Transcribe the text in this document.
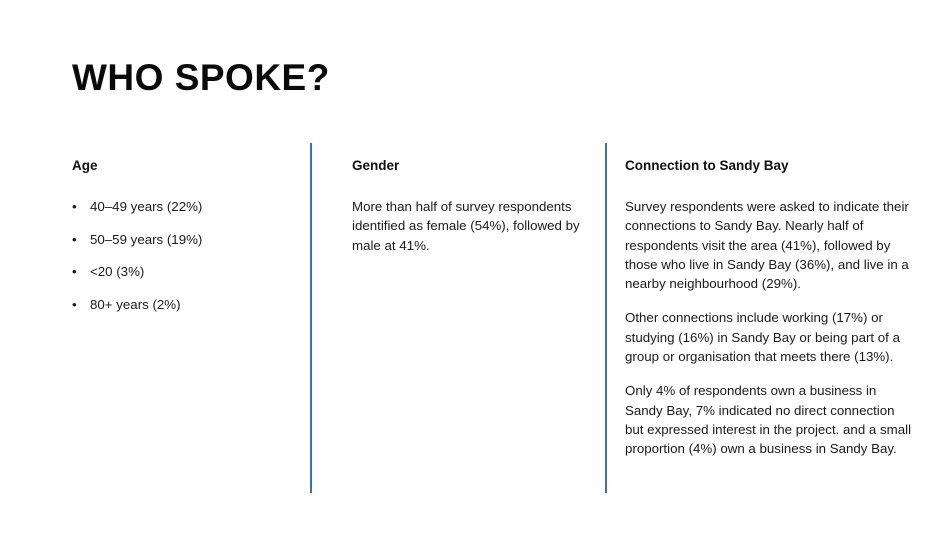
WHO SPOKE?
Age
• 40–49 years (22%)
• 50–59 years (19%)
• <20 (3%)
• 80+ years (2%)
Gender

More than half of survey respondents identified as female (54%), followed by male at 41%.

Connection to Sandy Bay

Survey respondents were asked to indicate their connections to Sandy Bay. Nearly half of respondents visit the area (41%), followed by those who live in Sandy Bay (36%), and live in a nearby neighbourhood (29%).

Other connections include working (17%) or studying (16%) in Sandy Bay or being part of a group or organisation that meets there (13%).

Only 4% of respondents own a business in Sandy Bay, 7% indicated no direct connection but expressed interest in the project. and a small proportion (4%) own a business in Sandy Bay.
